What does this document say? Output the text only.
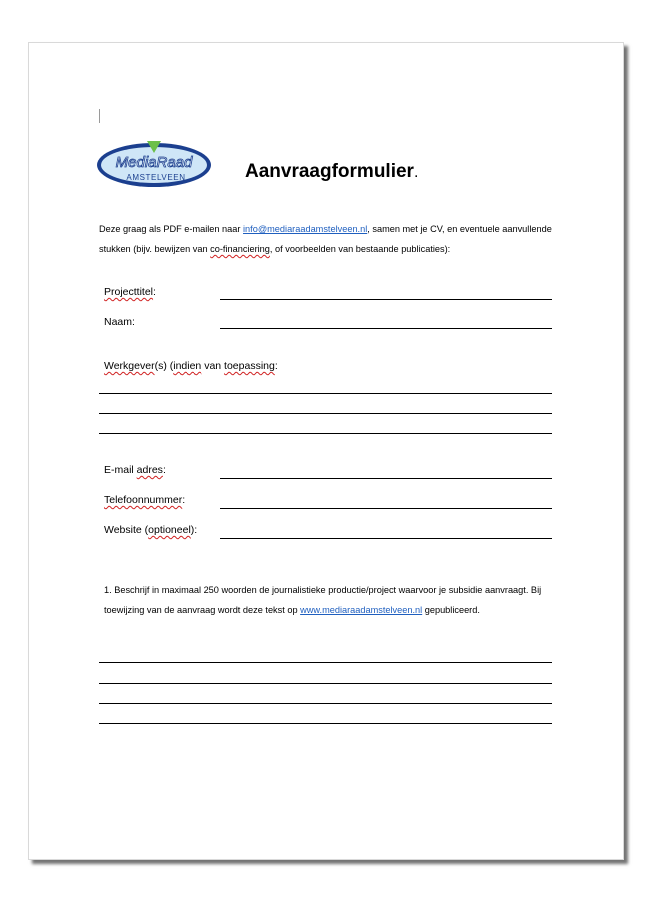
MediaRaad
AMSTELVEEN	Aanvraagformulier.
Deze graag als PDF e-mailen naar info@mediaraadamstelveen.nl, samen met je CV, en eventuele aanvullende stukken (bijv. bewijzen van co-financiering, of voorbeelden van bestaande publicaties):
Projecttitel:
Naam:
Werkgever(s) (indien van toepassing:
E-mail adres:
Telefoonnummer:
Website (optioneel):
1. Beschrijf in maximaal 250 woorden de journalistieke productie/project waarvoor je subsidie aanvraagt. Bij toewijzing van de aanvraag wordt deze tekst op www.mediaraadamstelveen.nl gepubliceerd.
